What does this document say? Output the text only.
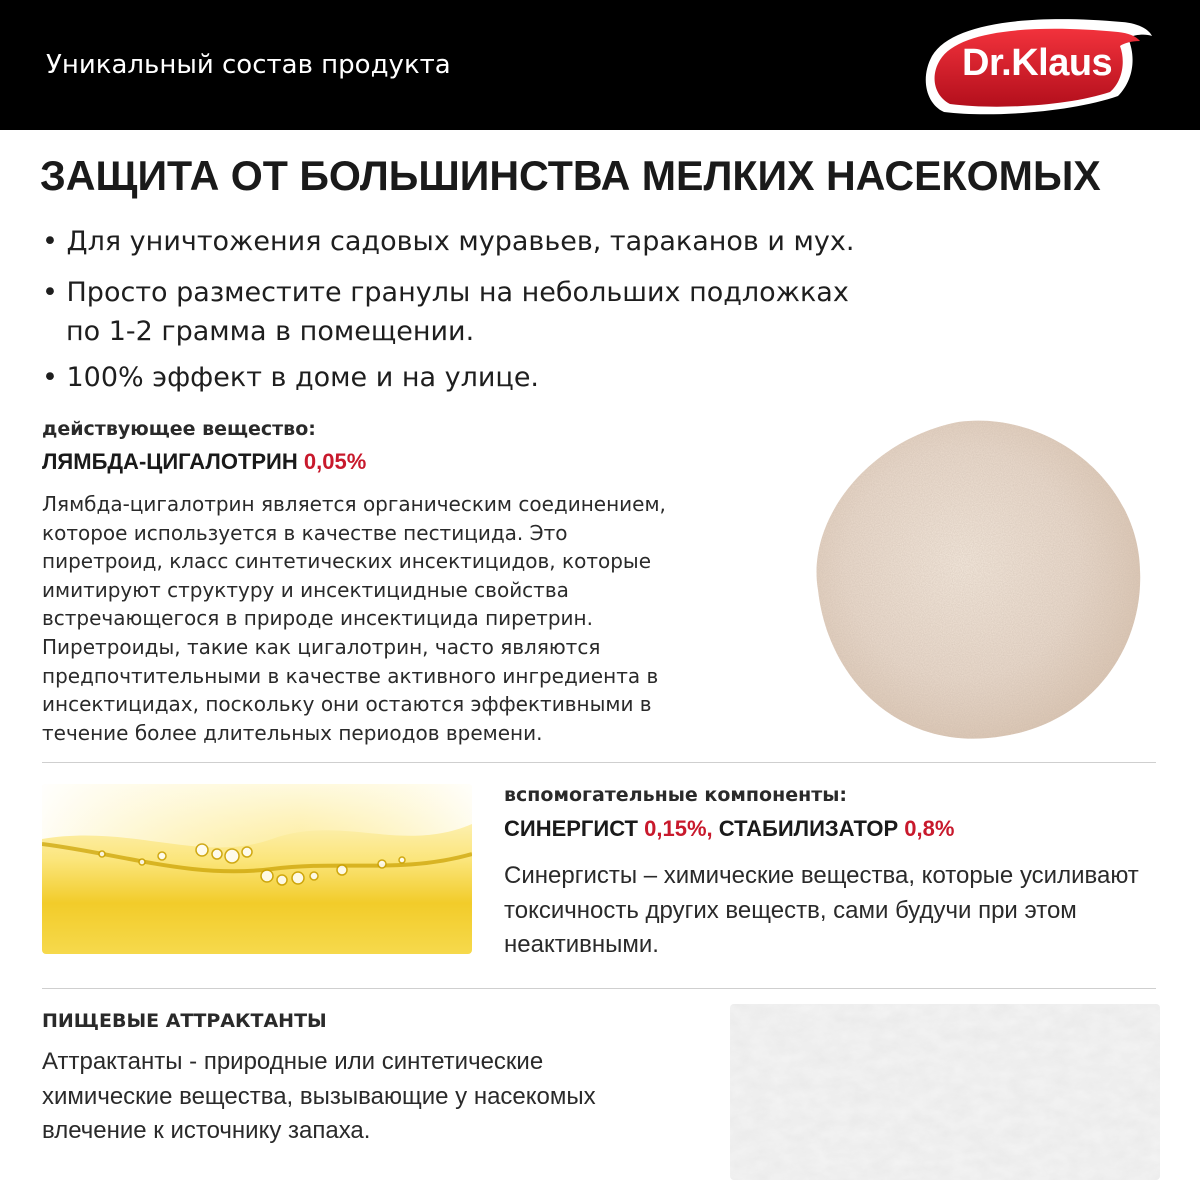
Уникальный состав продукта	Dr.Klaus
ЗАЩИТА ОТ БОЛЬШИНСТВА МЕЛКИХ НАСЕКОМЫХ
• Для уничтожения садовых муравьев, тараканов и мух.
• Просто разместите гранулы на небольших подложках
по 1-2 грамма в помещении.
• 100% эффект в доме и на улице.
действующее вещество:
ЛЯМБДА-ЦИГАЛОТРИН 0,05%
Лямбда-цигалотрин является органическим соединением,
которое используется в качестве пестицида. Это
пиретроид, класс синтетических инсектицидов, которые
имитируют структуру и инсектицидные свойства
встречающегося в природе инсектицида пиретрин.
Пиретроиды, такие как цигалотрин, часто являются
предпочтительными в качестве активного ингредиента в
инсектицидах, поскольку они остаются эффективными в
течение более длительных периодов времени.
вспомогательные компоненты:
СИНЕРГИСТ 0,15%, СТАБИЛИЗАТОР 0,8%
Синергисты – химические вещества, которые усиливают
токсичность других веществ, сами будучи при этом
неактивными.
ПИЩЕВЫЕ АТТРАКТАНТЫ
Аттрактанты - природные или синтетические
химические вещества, вызывающие у насекомых
влечение к источнику запаха.
